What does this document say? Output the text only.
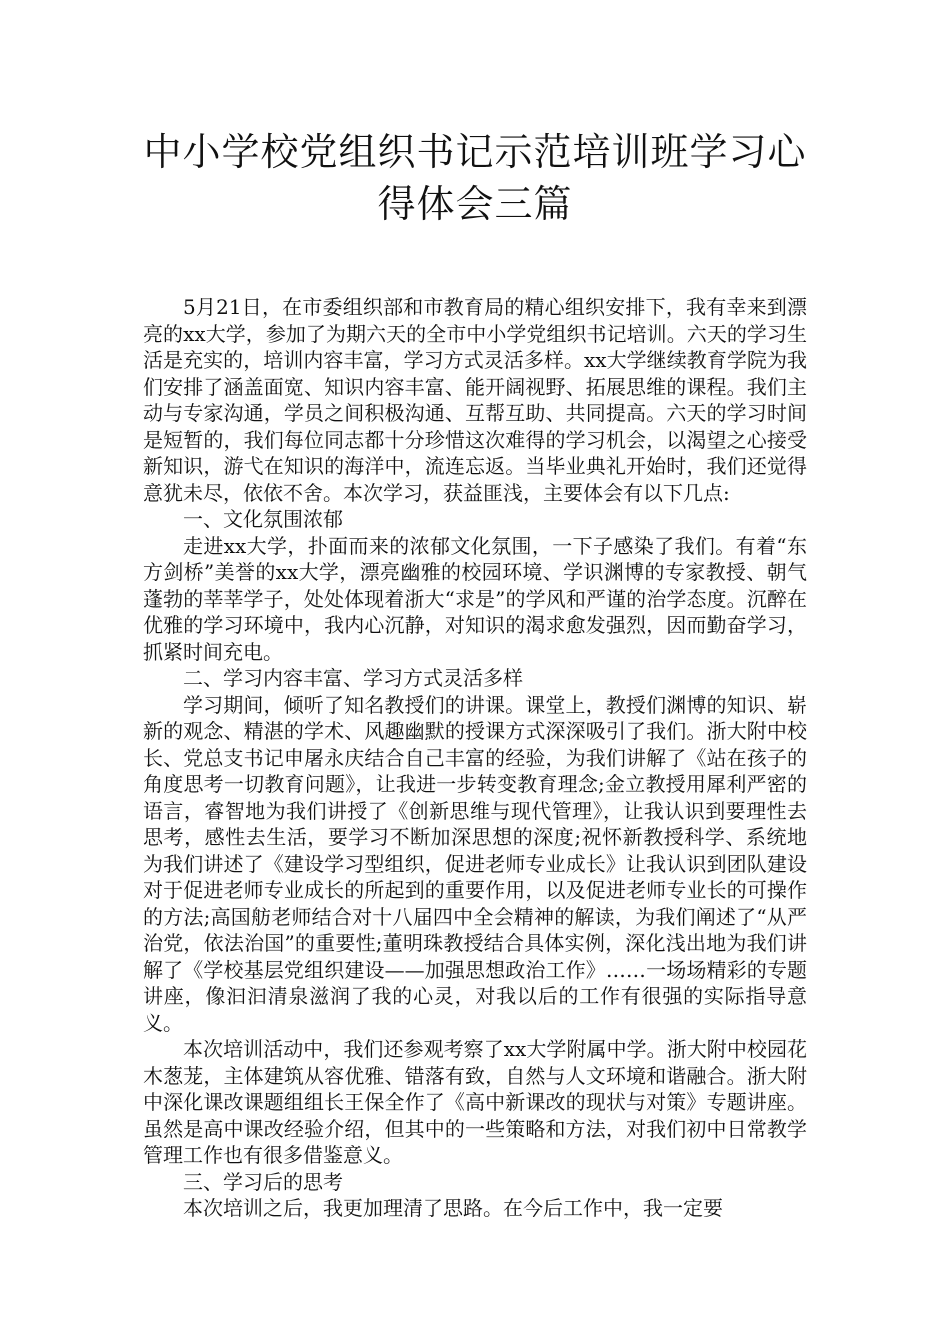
中小学校党组织书记示范培训班学习心
得体会三篇

5月21日，在市委组织部和市教育局的精心组织安排下，我有幸来到漂亮的xx大学，参加了为期六天的全市中小学党组织书记培训。六天的学习生活是充实的，培训内容丰富，学习方式灵活多样。xx大学继续教育学院为我们安排了涵盖面宽、知识内容丰富、能开阔视野、拓展思维的课程。我们主动与专家沟通，学员之间积极沟通、互帮互助、共同提高。六天的学习时间是短暂的，我们每位同志都十分珍惜这次难得的学习机会，以渴望之心接受新知识，游弋在知识的海洋中，流连忘返。当毕业典礼开始时，我们还觉得意犹未尽，依依不舍。本次学习，获益匪浅，主要体会有以下几点:

一、文化氛围浓郁

走进xx大学，扑面而来的浓郁文化氛围，一下子感染了我们。有着“东方剑桥”美誉的xx大学，漂亮幽雅的校园环境、学识渊博的专家教授、朝气蓬勃的莘莘学子，处处体现着浙大“求是”的学风和严谨的治学态度。沉醉在优雅的学习环境中，我内心沉静，对知识的渴求愈发强烈，因而勤奋学习，抓紧时间充电。

二、学习内容丰富、学习方式灵活多样

学习期间，倾听了知名教授们的讲课。课堂上，教授们渊博的知识、崭新的观念、精湛的学术、风趣幽默的授课方式深深吸引了我们。浙大附中校长、党总支书记申屠永庆结合自己丰富的经验，为我们讲解了《站在孩子的角度思考一切教育问题》，让我进一步转变教育理念;金立教授用犀利严密的语言，睿智地为我们讲授了《创新思维与现代管理》，让我认识到要理性去思考，感性去生活，要学习不断加深思想的深度;祝怀新教授科学、系统地为我们讲述了《建设学习型组织，促进老师专业成长》让我认识到团队建设对于促进老师专业成长的所起到的重要作用，以及促进老师专业长的可操作的方法;高国舫老师结合对十八届四中全会精神的解读，为我们阐述了“从严治党，依法治国”的重要性;董明珠教授结合具体实例，深化浅出地为我们讲解了《学校基层党组织建设——加强思想政治工作》……一场场精彩的专题讲座，像汩汩清泉滋润了我的心灵，对我以后的工作有很强的实际指导意义。

本次培训活动中，我们还参观考察了xx大学附属中学。浙大附中校园花木葱茏，主体建筑从容优雅、错落有致，自然与人文环境和谐融合。浙大附中深化课改课题组组长王保全作了《高中新课改的现状与对策》专题讲座。虽然是高中课改经验介绍，但其中的一些策略和方法，对我们初中日常教学管理工作也有很多借鉴意义。

三、学习后的思考

本次培训之后，我更加理清了思路。在今后工作中，我一定要
